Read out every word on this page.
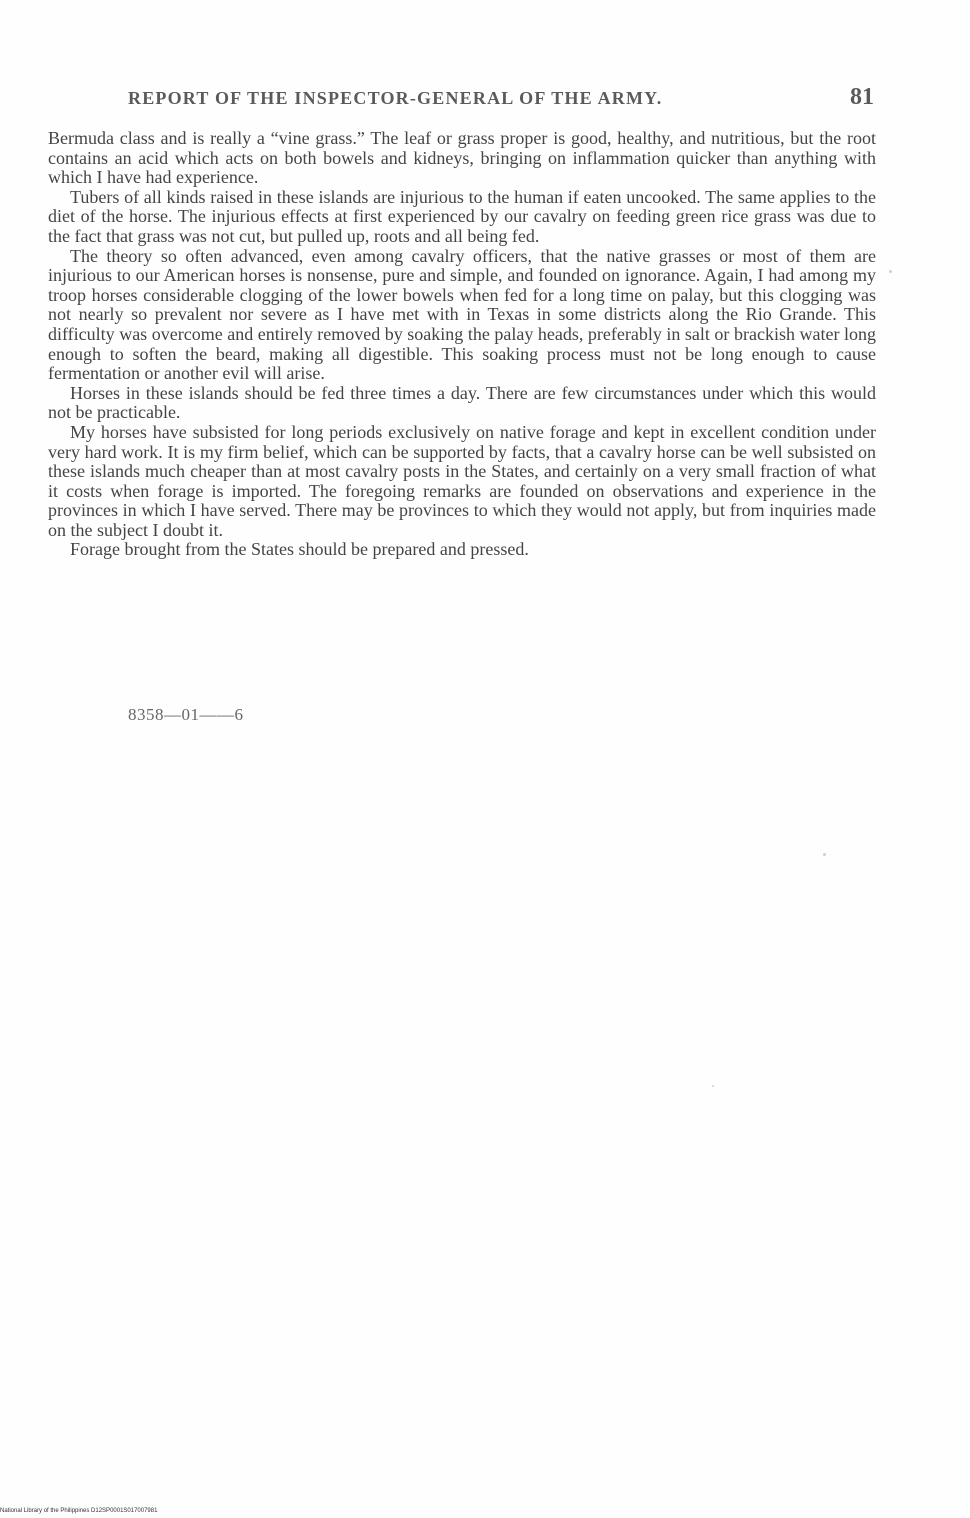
REPORT OF THE INSPECTOR-GENERAL OF THE ARMY.	81

Bermuda class and is really a “vine grass.” The leaf or grass proper is good, healthy, and nutritious, but the root contains an acid which acts on both bowels and kidneys, bringing on inflammation quicker than anything with which I have had experience.

Tubers of all kinds raised in these islands are injurious to the human if eaten uncooked. The same applies to the diet of the horse. The injurious effects at first experienced by our cavalry on feeding green rice grass was due to the fact that grass was not cut, but pulled up, roots and all being fed.

The theory so often advanced, even among cavalry officers, that the native grasses or most of them are injurious to our American horses is nonsense, pure and simple, and founded on ignorance. Again, I had among my troop horses considerable clogging of the lower bowels when fed for a long time on palay, but this clogging was not nearly so prevalent nor severe as I have met with in Texas in some districts along the Rio Grande. This difficulty was overcome and entirely removed by soaking the palay heads, preferably in salt or brackish water long enough to soften the beard, making all digestible. This soaking process must not be long enough to cause fermentation or another evil will arise.

Horses in these islands should be fed three times a day. There are few circumstances under which this would not be practicable.

My horses have subsisted for long periods exclusively on native forage and kept in excellent condition under very hard work. It is my firm belief, which can be supported by facts, that a cavalry horse can be well subsisted on these islands much cheaper than at most cavalry posts in the States, and certainly on a very small fraction of what it costs when forage is imported. The foregoing remarks are founded on observations and experience in the provinces in which I have served. There may be provinces to which they would not apply, but from inquiries made on the subject I doubt it.

Forage brought from the States should be prepared and pressed.

8358—01——6
National Library of the Philippines D12SP0001S017007981
